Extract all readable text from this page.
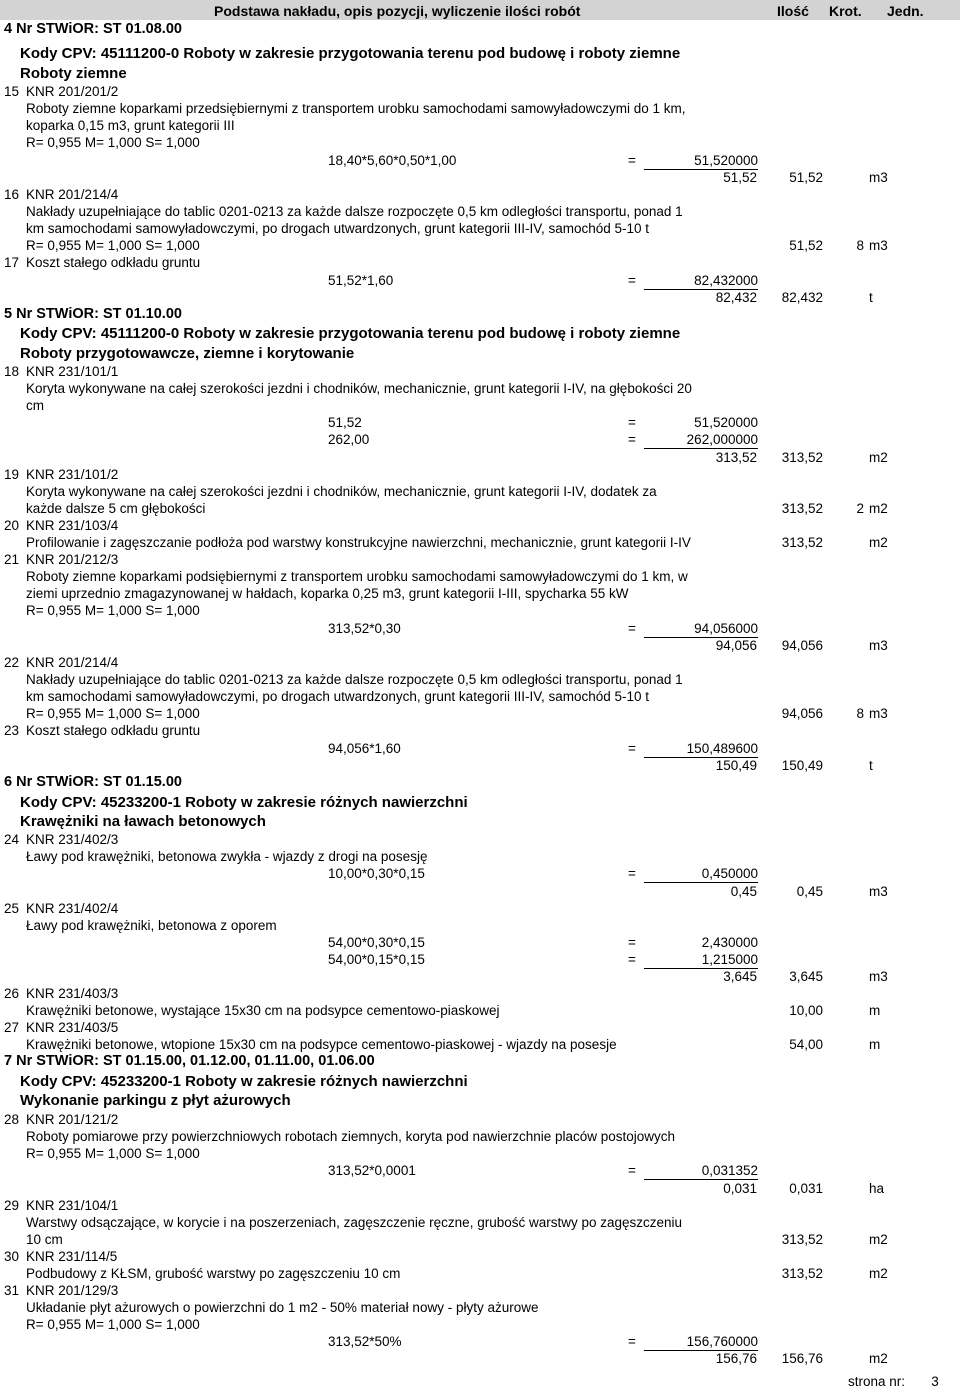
Podstawa nakładu, opis pozycji, wyliczenie ilości robót	Ilość Krot. Jedn.
4 Nr STWiOR: ST 01.08.00
Kody CPV: 45111200-0 Roboty w zakresie przygotowania terenu pod budowę i roboty ziemne
Roboty ziemne
15 KNR 201/201/2
Roboty ziemne koparkami przedsiębiernymi z transportem urobku samochodami samowyładowczymi do 1 km,
koparka 0,15 m3, grunt kategorii III
R= 0,955 M= 1,000 S= 1,000
18,40*5,60*0,50*1,00	=	51,520000
51,52	51,52	m3
16 KNR 201/214/4
Nakłady uzupełniające do tablic 0201-0213 za każde dalsze rozpoczęte 0,5 km odległości transportu, ponad 1
km samochodami samowyładowczymi, po drogach utwardzonych, grunt kategorii III-IV, samochód 5-10 t
R= 0,955 M= 1,000 S= 1,000	51,52	8 m3
17 Koszt stałego odkładu gruntu
51,52*1,60	=	82,432000
82,432	82,432	t
5 Nr STWiOR: ST 01.10.00
Kody CPV: 45111200-0 Roboty w zakresie przygotowania terenu pod budowę i roboty ziemne
Roboty przygotowawcze, ziemne i korytowanie
18 KNR 231/101/1
Koryta wykonywane na całej szerokości jezdni i chodników, mechanicznie, grunt kategorii I-IV, na głębokości 20
cm
51,52	=	51,520000
262,00	=	262,000000
313,52	313,52	m2
19 KNR 231/101/2
Koryta wykonywane na całej szerokości jezdni i chodników, mechanicznie, grunt kategorii I-IV, dodatek za
każde dalsze 5 cm głębokości	313,52	2 m2
20 KNR 231/103/4
Profilowanie i zagęszczanie podłoża pod warstwy konstrukcyjne nawierzchni, mechanicznie, grunt kategorii I-IV	313,52	m2
21 KNR 201/212/3
Roboty ziemne koparkami podsiębiernymi z transportem urobku samochodami samowyładowczymi do 1 km, w
ziemi uprzednio zmagazynowanej w hałdach, koparka 0,25 m3, grunt kategorii I-III, spycharka 55 kW
R= 0,955 M= 1,000 S= 1,000
313,52*0,30	=	94,056000
94,056	94,056	m3
22 KNR 201/214/4
Nakłady uzupełniające do tablic 0201-0213 za każde dalsze rozpoczęte 0,5 km odległości transportu, ponad 1
km samochodami samowyładowczymi, po drogach utwardzonych, grunt kategorii III-IV, samochód 5-10 t
R= 0,955 M= 1,000 S= 1,000	94,056	8 m3
23 Koszt stałego odkładu gruntu
94,056*1,60	=	150,489600
150,49	150,49	t
6 Nr STWiOR: ST 01.15.00
Kody CPV: 45233200-1 Roboty w zakresie różnych nawierzchni
Krawężniki na ławach betonowych
24 KNR 231/402/3
Ławy pod krawężniki, betonowa zwykła - wjazdy z drogi na posesję
10,00*0,30*0,15	=	0,450000
0,45	0,45	m3
25 KNR 231/402/4
Ławy pod krawężniki, betonowa z oporem
54,00*0,30*0,15	=	2,430000
54,00*0,15*0,15	=	1,215000
3,645	3,645	m3
26 KNR 231/403/3
Krawężniki betonowe, wystające 15x30 cm na podsypce cementowo-piaskowej	10,00	m
27 KNR 231/403/5
Krawężniki betonowe, wtopione 15x30 cm na podsypce cementowo-piaskowej - wjazdy na posesje	54,00	m
7 Nr STWiOR: ST 01.15.00, 01.12.00, 01.11.00, 01.06.00
Kody CPV: 45233200-1 Roboty w zakresie różnych nawierzchni
Wykonanie parkingu z płyt ażurowych
28 KNR 201/121/2
Roboty pomiarowe przy powierzchniowych robotach ziemnych, koryta pod nawierzchnie placów postojowych
R= 0,955 M= 1,000 S= 1,000
313,52*0,0001	=	0,031352
0,031	0,031	ha
29 KNR 231/104/1
Warstwy odsączające, w korycie i na poszerzeniach, zagęszczenie ręczne, grubość warstwy po zagęszczeniu
10 cm	313,52	m2
30 KNR 231/114/5
Podbudowy z KŁSM, grubość warstwy po zagęszczeniu 10 cm	313,52	m2
31 KNR 201/129/3
Układanie płyt ażurowych o powierzchni do 1 m2 - 50% materiał nowy - płyty ażurowe
R= 0,955 M= 1,000 S= 1,000
313,52*50%	=	156,760000
156,76	156,76	m2
strona nr: 3
